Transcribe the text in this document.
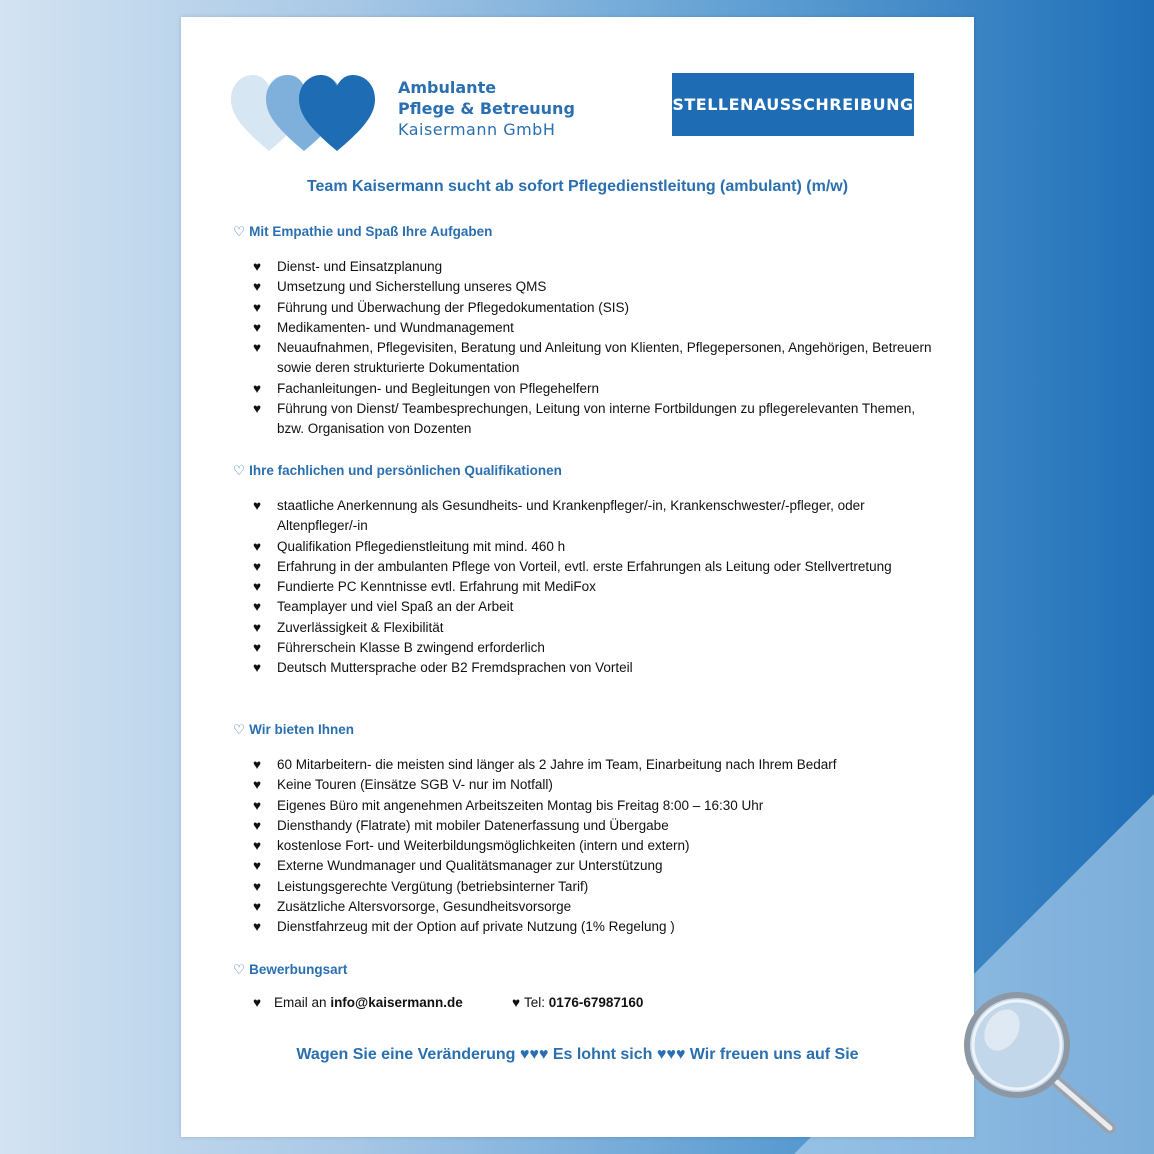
Ambulante
Pflege & Betreuung
Kaisermann GmbH
STELLENAUSSCHREIBUNG
Team Kaisermann sucht ab sofort Pflegedienstleitung (ambulant) (m/w)
♡ Mit Empathie und Spaß Ihre Aufgaben
♥ Dienst- und Einsatzplanung
♥ Umsetzung und Sicherstellung unseres QMS
♥ Führung und Überwachung der Pflegedokumentation (SIS)
♥ Medikamenten- und Wundmanagement
♥ Neuaufnahmen, Pflegevisiten, Beratung und Anleitung von Klienten, Pflegepersonen, Angehörigen, Betreuern sowie deren strukturierte Dokumentation
♥ Fachanleitungen- und Begleitungen von Pflegehelfern
♥ Führung von Dienst/ Teambesprechungen, Leitung von interne Fortbildungen zu pflegerelevanten Themen, bzw. Organisation von Dozenten
♡ Ihre fachlichen und persönlichen Qualifikationen
♥ staatliche Anerkennung als Gesundheits- und Krankenpfleger/-in, Krankenschwester/-pfleger, oder Altenpfleger/-in
♥ Qualifikation Pflegedienstleitung mit mind. 460 h
♥ Erfahrung in der ambulanten Pflege von Vorteil, evtl. erste Erfahrungen als Leitung oder Stellvertretung
♥ Fundierte PC Kenntnisse evtl. Erfahrung mit MediFox
♥ Teamplayer und viel Spaß an der Arbeit
♥ Zuverlässigkeit & Flexibilität
♥ Führerschein Klasse B zwingend erforderlich
♥ Deutsch Muttersprache oder B2 Fremdsprachen von Vorteil
♡ Wir bieten Ihnen
♥ 60 Mitarbeitern- die meisten sind länger als 2 Jahre im Team, Einarbeitung nach Ihrem Bedarf
♥ Keine Touren (Einsätze SGB V- nur im Notfall)
♥ Eigenes Büro mit angenehmen Arbeitszeiten Montag bis Freitag 8:00 – 16:30 Uhr
♥ Diensthandy (Flatrate) mit mobiler Datenerfassung und Übergabe
♥ kostenlose Fort- und Weiterbildungsmöglichkeiten (intern und extern)
♥ Externe Wundmanager und Qualitätsmanager zur Unterstützung
♥ Leistungsgerechte Vergütung (betriebsinterner Tarif)
♥ Zusätzliche Altersvorsorge, Gesundheitsvorsorge
♥ Dienstfahrzeug mit der Option auf private Nutzung (1% Regelung )
♡ Bewerbungsart
♥ Email an info@kaisermann.de	♥ Tel: 0176-67987160
Wagen Sie eine Veränderung ♥♥♥ Es lohnt sich ♥♥♥ Wir freuen uns auf Sie
